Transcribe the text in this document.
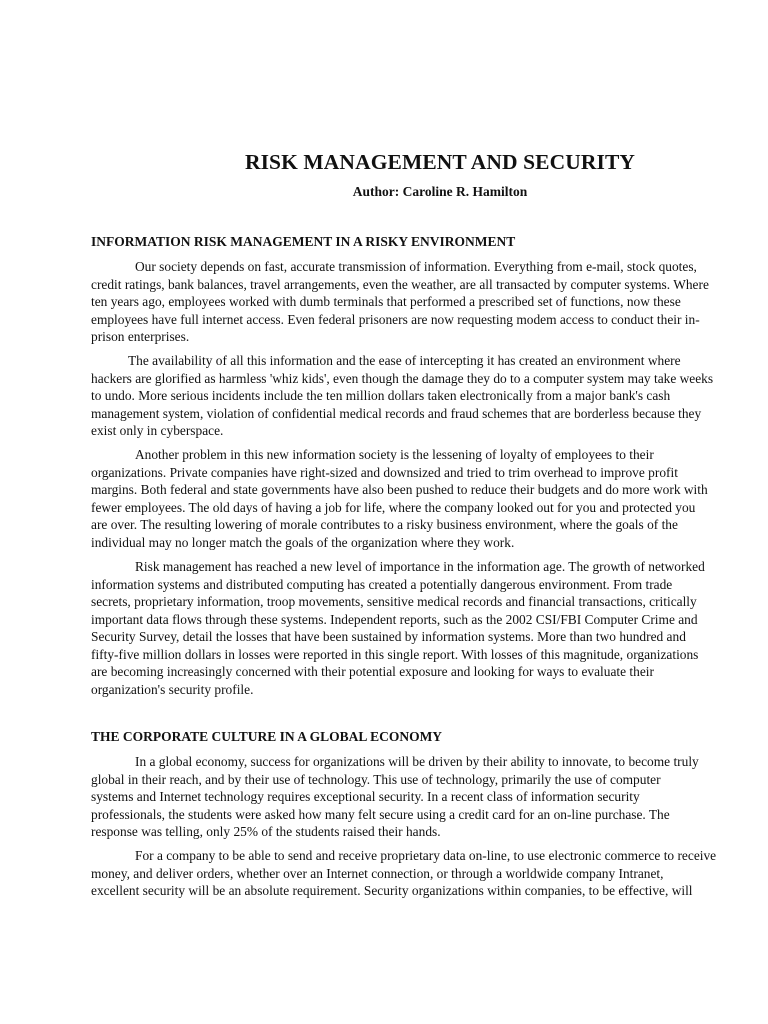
RISK MANAGEMENT AND SECURITY
Author: Caroline R. Hamilton
INFORMATION RISK MANAGEMENT IN A RISKY ENVIRONMENT

Our society depends on fast, accurate transmission of information. Everything from e-mail, stock quotes,
credit ratings, bank balances, travel arrangements, even the weather, are all transacted by computer systems. Where
ten years ago, employees worked with dumb terminals that performed a prescribed set of functions, now these
employees have full internet access. Even federal prisoners are now requesting modem access to conduct their in-
prison enterprises.

The availability of all this information and the ease of intercepting it has created an environment where
hackers are glorified as harmless 'whiz kids', even though the damage they do to a computer system may take weeks
to undo. More serious incidents include the ten million dollars taken electronically from a major bank's cash
management system, violation of confidential medical records and fraud schemes that are borderless because they
exist only in cyberspace.

Another problem in this new information society is the lessening of loyalty of employees to their
organizations. Private companies have right-sized and downsized and tried to trim overhead to improve profit
margins. Both federal and state governments have also been pushed to reduce their budgets and do more work with
fewer employees. The old days of having a job for life, where the company looked out for you and protected you
are over. The resulting lowering of morale contributes to a risky business environment, where the goals of the
individual may no longer match the goals of the organization where they work.

Risk management has reached a new level of importance in the information age. The growth of networked
information systems and distributed computing has created a potentially dangerous environment. From trade
secrets, proprietary information, troop movements, sensitive medical records and financial transactions, critically
important data flows through these systems. Independent reports, such as the 2002 CSI/FBI Computer Crime and
Security Survey, detail the losses that have been sustained by information systems. More than two hundred and
fifty-five million dollars in losses were reported in this single report. With losses of this magnitude, organizations
are becoming increasingly concerned with their potential exposure and looking for ways to evaluate their
organization's security profile.

THE CORPORATE CULTURE IN A GLOBAL ECONOMY

In a global economy, success for organizations will be driven by their ability to innovate, to become truly
global in their reach, and by their use of technology. This use of technology, primarily the use of computer
systems and Internet technology requires exceptional security. In a recent class of information security
professionals, the students were asked how many felt secure using a credit card for an on-line purchase. The
response was telling, only 25% of the students raised their hands.

For a company to be able to send and receive proprietary data on-line, to use electronic commerce to receive
money, and deliver orders, whether over an Internet connection, or through a worldwide company Intranet,
excellent security will be an absolute requirement. Security organizations within companies, to be effective, will
